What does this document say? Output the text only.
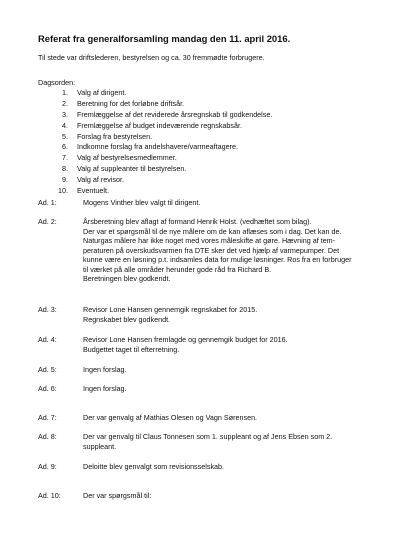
Referat fra generalforsamling mandag den 11. april 2016.
Til stede var driftslederen, bestyrelsen og ca. 30 fremmødte forbrugere.
Dagsorden:
1. Valg af dirigent.
2. Beretning for det forløbne driftsår.
3. Fremlæggelse af det reviderede årsregnskab til godkendelse.
4. Fremlæggelse af budget indeværende regnskabsår.
5. Forslag fra bestyrelsen.
6. Indkomne forslag fra andelshavere/varmeaftagere.
7. Valg af bestyrelsesmedlemmer.
8. Valg af suppleanter til bestyrelsen.
9. Valg af revisor.
10. Eventuelt.
Ad. 1:	Mogens Vinther blev valgt til dirigent.
Ad. 2:	Årsberetning blev aflagt af formand Henrik Holst. (vedhæftet som bilag).
Der var et spørgsmål til de nye målere om de kan aflæses som i dag. Det kan de.
Naturgas målere har ikke noget med vores måleskifte at gøre. Hævning af tem-
peraturen på overskudsvarmen fra DTE sker det ved hjælp af varmepumper. Det
kunne være en løsning p.t. indsamles data for mulige løsninger. Ros fra en forbruger
til værket på alle områder herunder gode råd fra Richard B.
Beretningen blev godkendt.
Ad. 3:	Revisor Lone Hansen gennemgik regnskabet for 2015.
Regnskabet blev godkendt.
Ad. 4:	Revisor Lone Hansen fremlagde og gennemgik budget for 2016.
Budgettet taget til efterretning.
Ad. 5:	Ingen forslag.
Ad. 6:	Ingen forslag.
Ad. 7:	Der var genvalg af Mathias Olesen og Vagn Sørensen.
Ad. 8:	Der var genvalg til Claus Tonnesen som 1. suppleant og af Jens Ebsen som 2.
suppleant.
Ad. 9:	Deloitte blev genvalgt som revisionsselskab.
Ad. 10:	Der var spørgsmål til:
